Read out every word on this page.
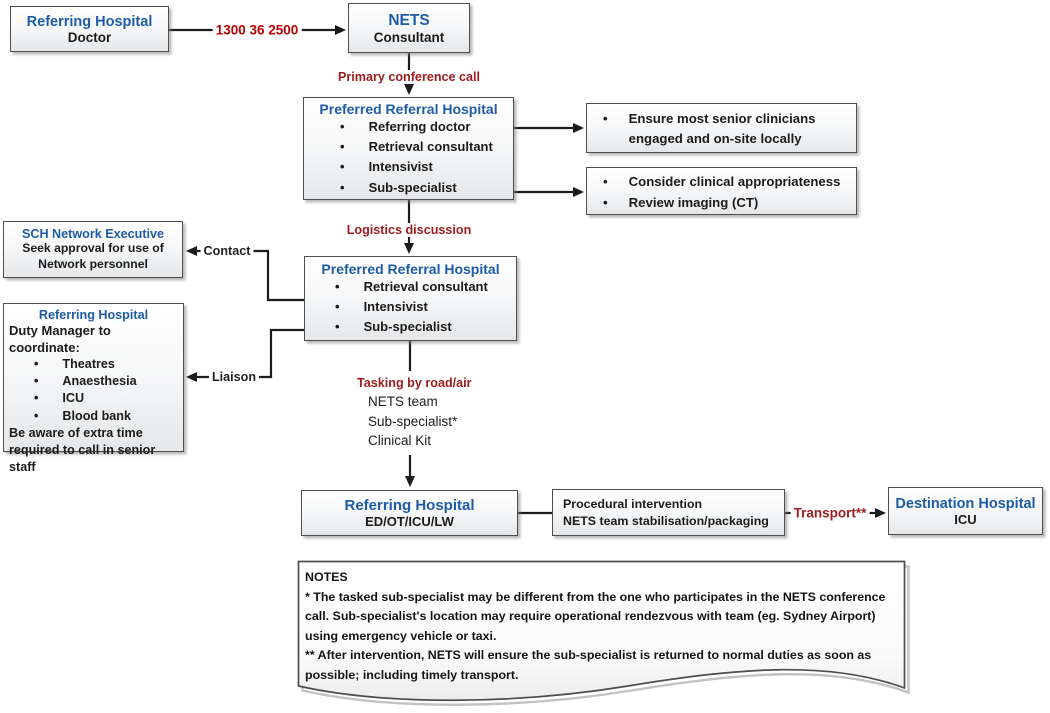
Referring Hospital
Doctor
NETS
Consultant
Preferred Referral Hospital
• Referring doctor
• Retrieval consultant
• Intensivist
• Sub-specialist
• Ensure most senior clinicians engaged and on-site locally
• Consider clinical appropriateness
• Review imaging (CT)
SCH Network Executive
Seek approval for use of Network personnel
Referring Hospital
Duty Manager to coordinate:
• Theatres
• Anaesthesia
• ICU
• Blood bank
Be aware of extra time required to call in senior staff
Preferred Referral Hospital
• Retrieval consultant
• Intensivist
• Sub-specialist
Tasking by road/air
NETS team
Sub-specialist*
Clinical Kit
Referring Hospital
ED/OT/ICU/LW
Procedural intervention
NETS team stabilisation/packaging
Destination Hospital
ICU

NOTES

* The tasked sub-specialist may be different from the one who participates in the NETS conference call. Sub-specialist's location may require operational rendezvous with team (eg. Sydney Airport) using emergency vehicle or taxi.

** After intervention, NETS will ensure the sub-specialist is returned to normal duties as soon as possible; including timely transport.

1300 36 2500
Primary conference call
Logistics discussion
Contact
Liaison
Transport**
